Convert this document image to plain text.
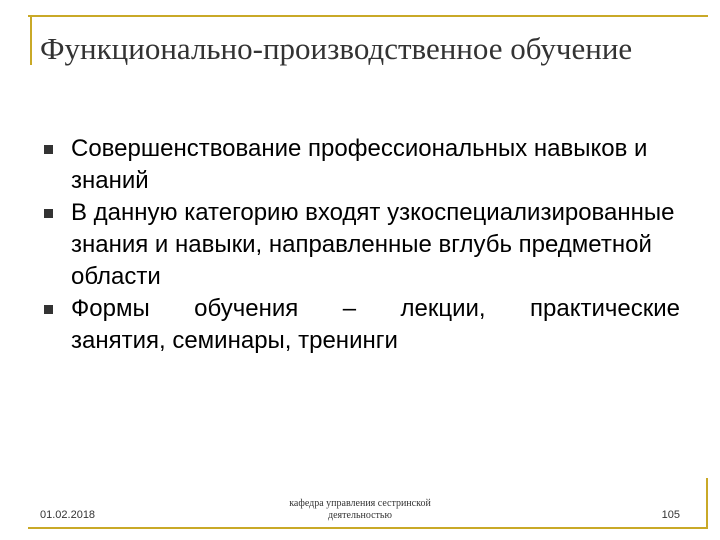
Функционально-производственное обучение
Совершенствование профессиональных навыков и знаний
В данную категорию входят узкоспециализированные знания и навыки, направленные вглубь предметной области
Формы обучения – лекции, практические
занятия, семинары, тренинги
01.02.2018
кафедра управления сестринской
деятельностью	105
